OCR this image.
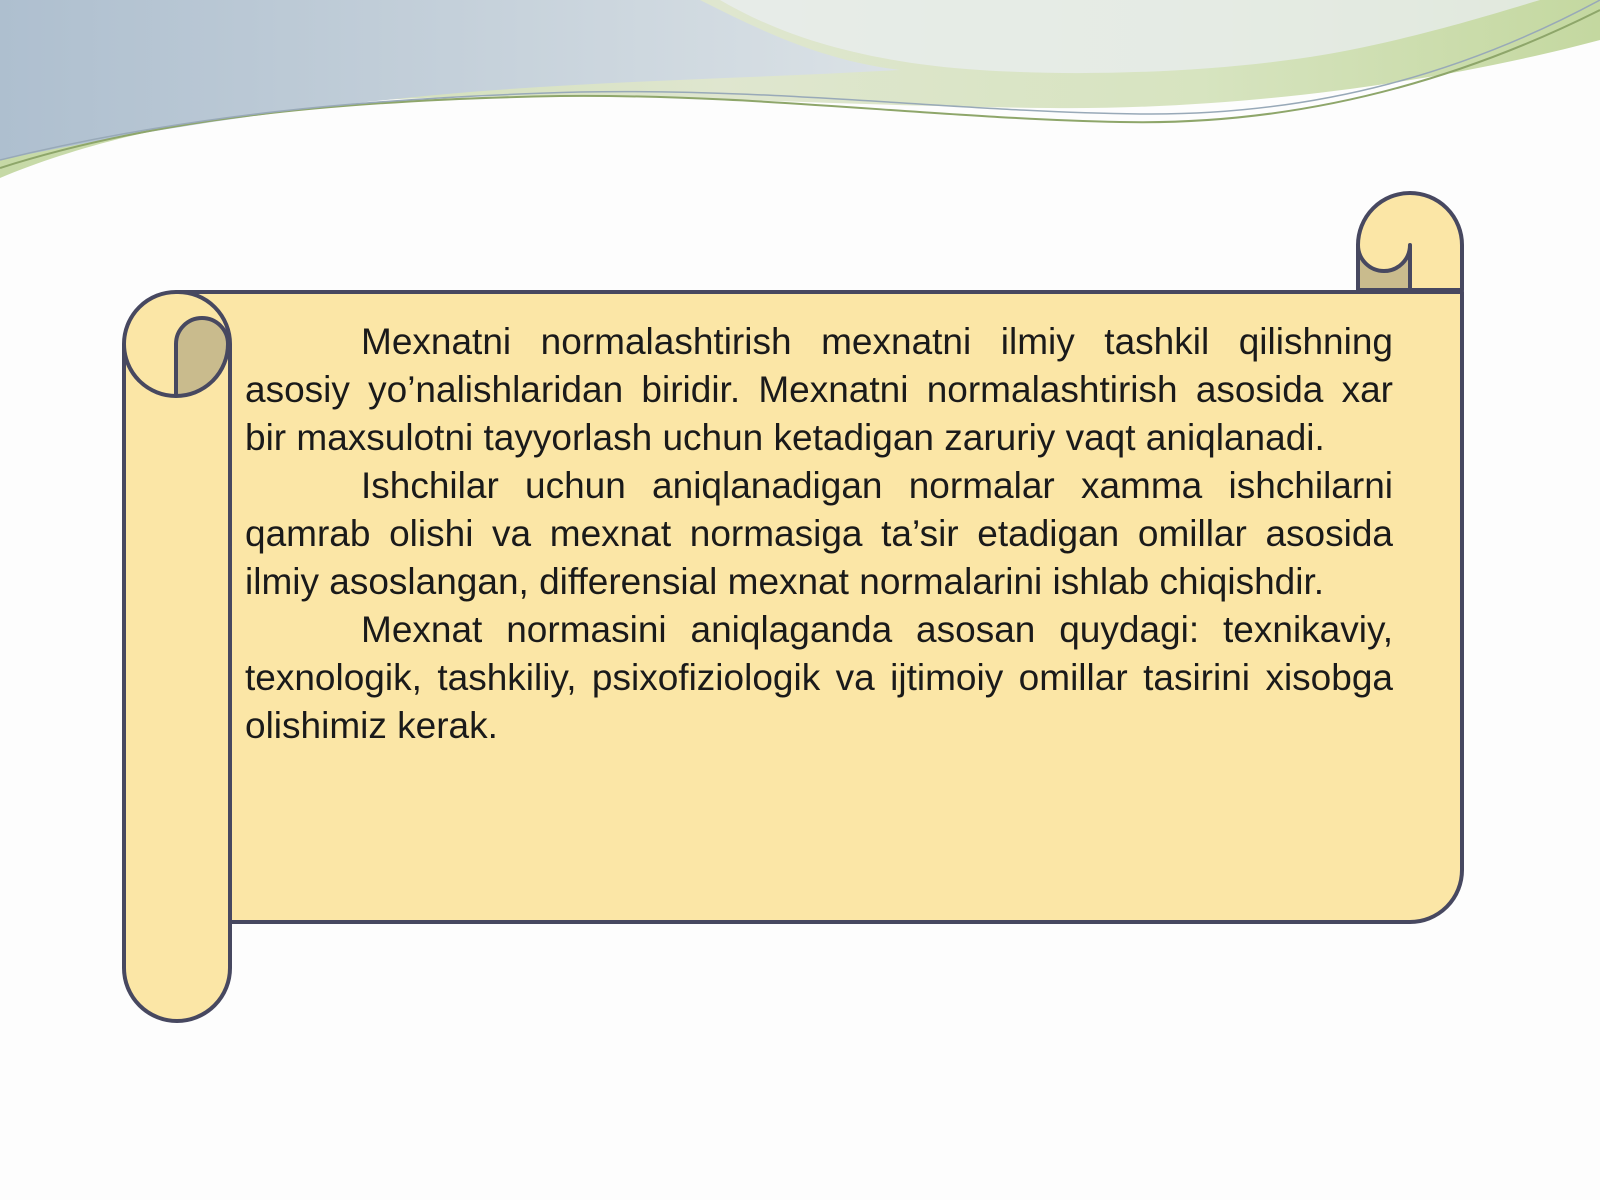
Mexnatni normalashtirish mexnatni ilmiy tashkil qilishning asosiy yo’nalishlaridan biridir. Mexnatni normalashtirish asosida xar bir maxsulotni tayyorlash uchun ketadigan zaruriy vaqt aniqlanadi.

Ishchilar uchun aniqlanadigan normalar xamma ishchilarni qamrab olishi va mexnat normasiga ta’sir etadigan omillar asosida ilmiy asoslangan, differensial mexnat normalarini ishlab chiqishdir.

Mexnat normasini aniqlaganda asosan quydagi: texnikaviy, texnologik, tashkiliy, psixofiziologik va ijtimoiy omillar tasirini xisobga olishimiz kerak.
